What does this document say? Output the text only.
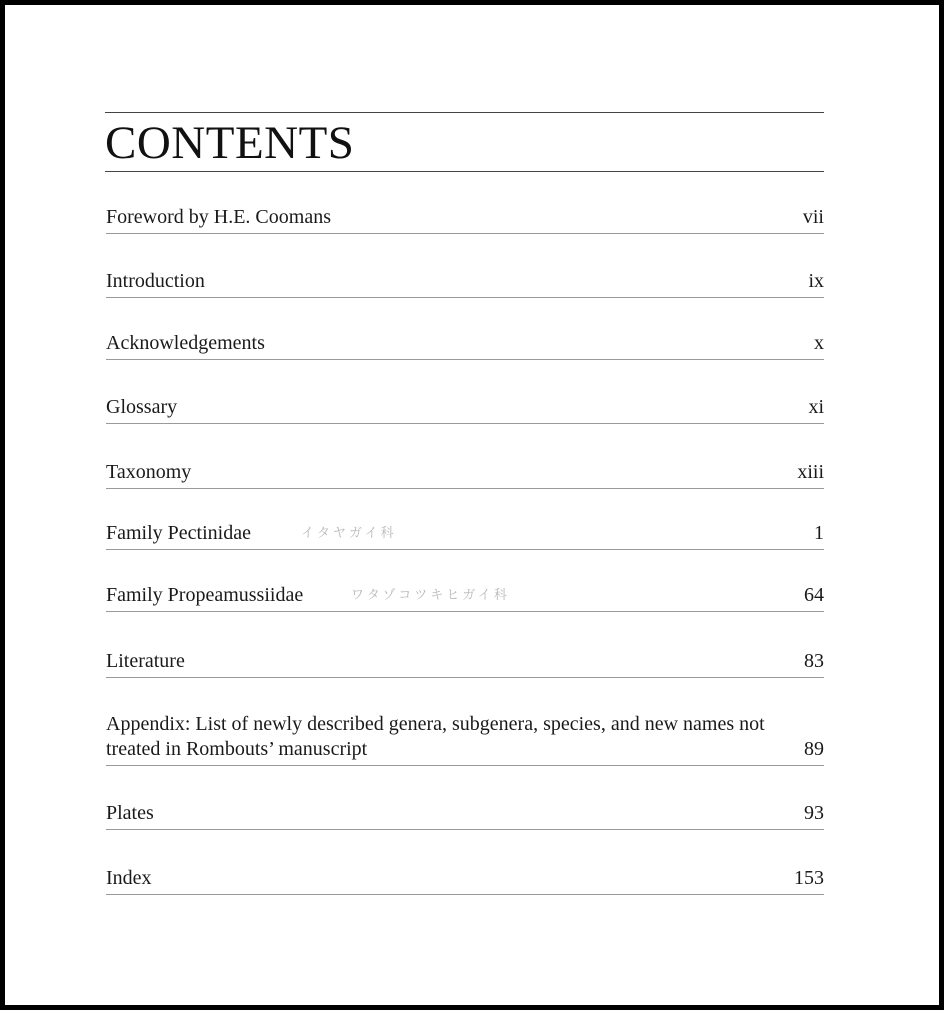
CONTENTS
Foreword by H.E. Coomans	vii
Introduction	ix
Acknowledgements	x
Glossary	xi
Taxonomy	xiii
Family Pectinidae	イタヤガイ科	1
Family Propeamussiidae	ワタゾコツキヒガイ科	64
Literature	83
Appendix: List of newly described genera, subgenera, species, and new names not treated in Rombouts’ manuscript	89
Plates	93
Index	153
